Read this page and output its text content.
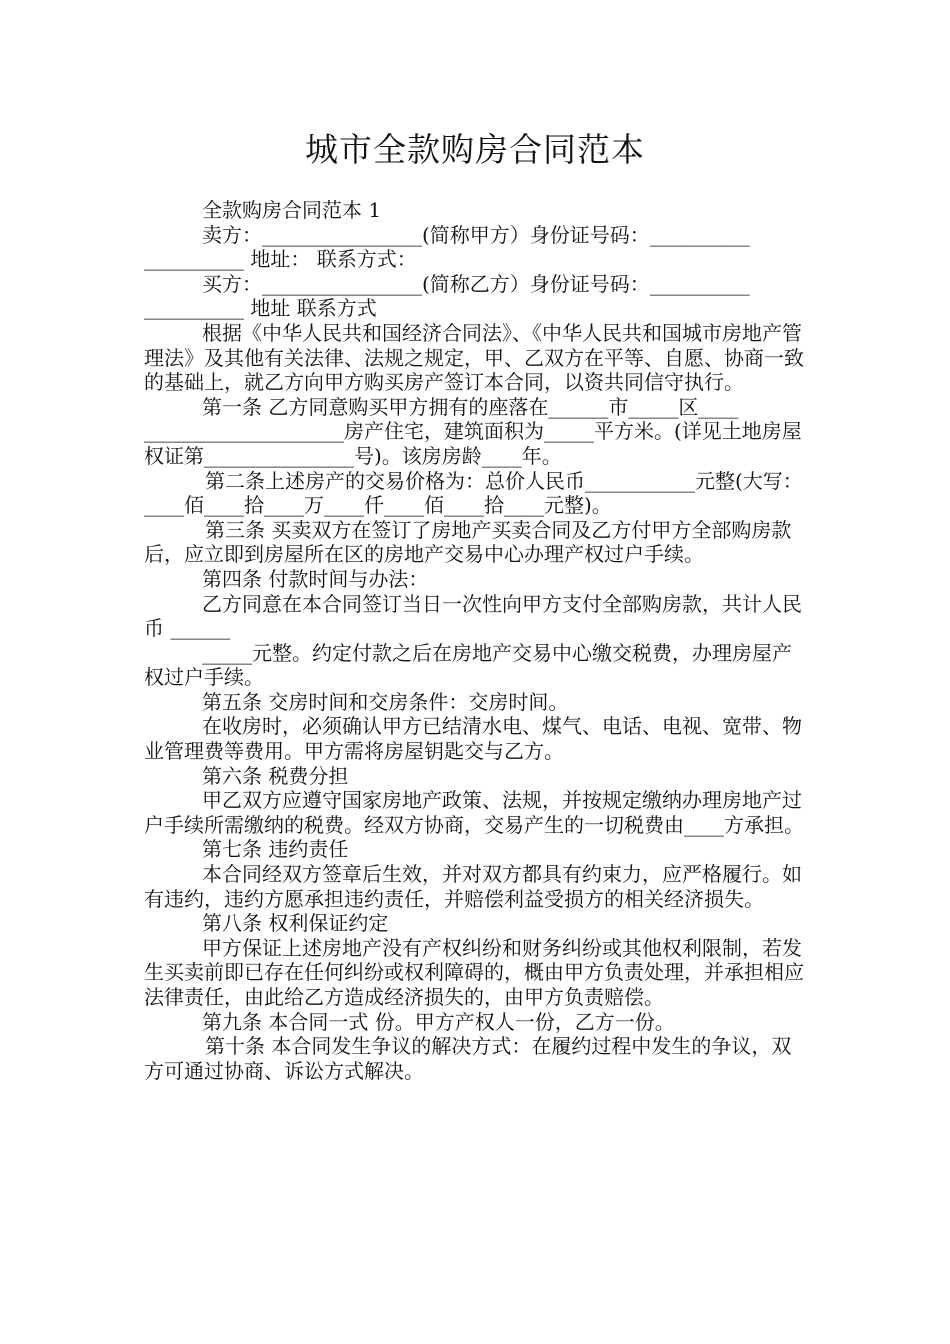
城市全款购房合同范本

全款购房合同范本 1

卖方：________________(简称甲方）身份证号码：__________ __________ 地址： 联系方式：

买方：________________(简称乙方）身份证号码：__________ __________ 地址 联系方式

根据《中华人民共和国经济合同法》、《中华人民共和国城市房地产管理法》及其他有关法律、法规之规定，甲、乙双方在平等、自愿、协商一致的基础上，就乙方向甲方购买房产签订本合同，以资共同信守执行。

第一条 乙方同意购买甲方拥有的座落在______市_____区____ ____________________房产住宅，建筑面积为_____平方米。(详见土地房屋权证第_______________号)。该房房龄____年。

第二条上述房产的交易价格为：总价人民币___________元整(大写：____佰____拾____万____仟____佰____拾____元整)。

第三条 买卖双方在签订了房地产买卖合同及乙方付甲方全部购房款后，应立即到房屋所在区的房地产交易中心办理产权过户手续。

第四条 付款时间与办法：

乙方同意在本合同签订当日一次性向甲方支付全部购房款，共计人民币 ______

_____元整。约定付款之后在房地产交易中心缴交税费，办理房屋产权过户手续。

第五条 交房时间和交房条件：交房时间。

在收房时，必须确认甲方已结清水电、煤气、电话、电视、宽带、物业管理费等费用。甲方需将房屋钥匙交与乙方。

第六条 税费分担

甲乙双方应遵守国家房地产政策、法规，并按规定缴纳办理房地产过户手续所需缴纳的税费。经双方协商，交易产生的一切税费由____方承担。

第七条 违约责任

本合同经双方签章后生效，并对双方都具有约束力，应严格履行。如有违约，违约方愿承担违约责任，并赔偿利益受损方的相关经济损失。

第八条 权利保证约定

甲方保证上述房地产没有产权纠纷和财务纠纷或其他权利限制，若发生买卖前即已存在任何纠纷或权利障碍的，概由甲方负责处理，并承担相应法律责任，由此给乙方造成经济损失的，由甲方负责赔偿。

第九条 本合同一式 份。甲方产权人一份，乙方一份。

第十条 本合同发生争议的解决方式：在履约过程中发生的争议，双方可通过协商、诉讼方式解决。
